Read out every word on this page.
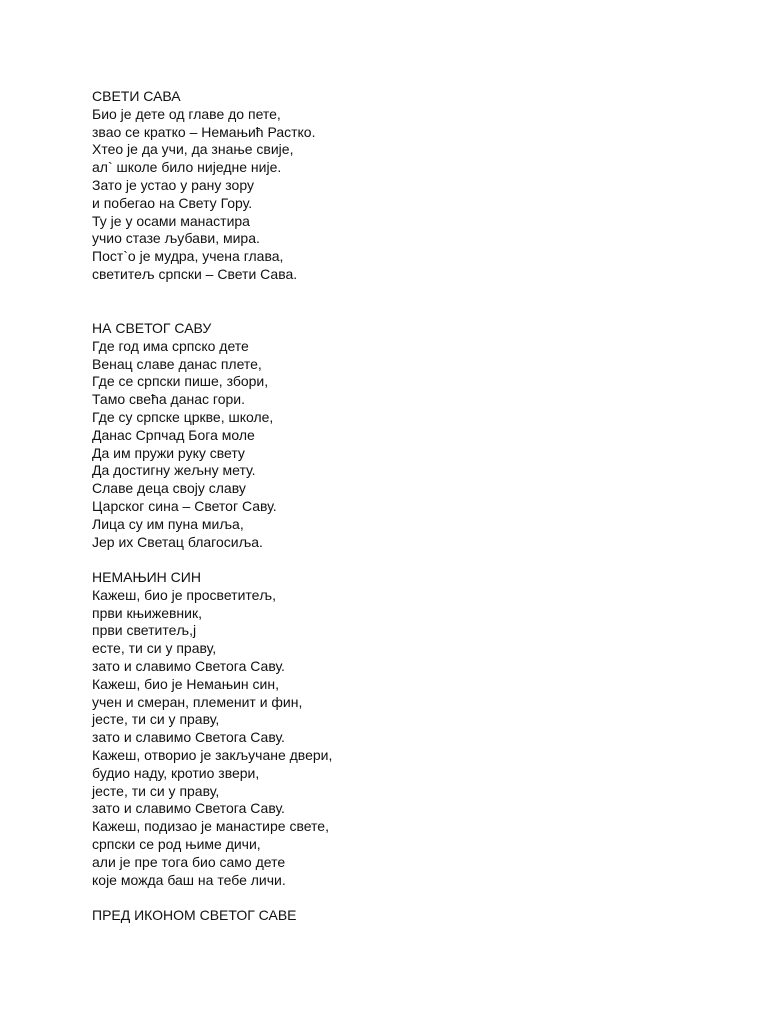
СВЕТИ САВА
Био је дете од главе до пете,
звао се кратко – Немањић Растко.
Хтео је да учи, да знање свије,
ал` школе било ниједне није.
Зато је устао у рану зору
и побегао на Свету Гору.
Ту је у осами манастира
учио стазе љубави, мира.
Пост`о је мудра, учена глава,
светитељ српски – Свети Сава.
НА СВЕТОГ САВУ
Где год има српско дете
Венац славе данас плете,
Где се српски пише, збори,
Тамо свећа данас гори.
Где су српске цркве, школе,
Данас Српчад Бога моле
Да им пружи руку свету
Да достигну жељну мету.
Славе деца своју славу
Царског сина – Светог Саву.
Лица су им пуна миља,
Јер их Светац благосиља.
НЕМАЊИН СИН
Кажеш, био је просветитељ,
први књижевник,
први светитељ,ј
есте, ти си у праву,
зато и славимо Светога Саву.
Кажеш, био је Немањин син,
учен и смеран, племенит и фин,
јесте, ти си у праву,
зато и славимо Светога Саву.
Кажеш, отворио је закључане двери,
будио наду, кротио звери,
јесте, ти си у праву,
зато и славимо Светога Саву.
Кажеш, подизао је манастире свете,
српски се род њиме дичи,
али је пре тога био само дете
које можда баш на тебе личи.
ПРЕД ИКОНОМ СВЕТОГ САВЕ
